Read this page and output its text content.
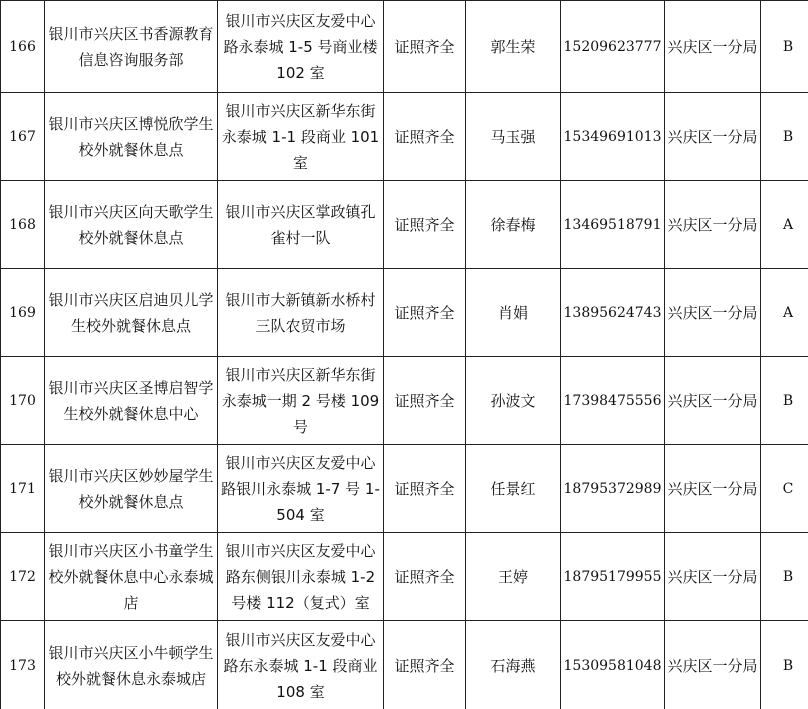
166	银川市兴庆区书香源教育信息咨询服务部	银川市兴庆区友爱中心路永泰城 1-5 号商业楼 102 室	证照齐全	郭生荣	15209623777	兴庆区一分局	B
167	银川市兴庆区博悦欣学生校外就餐休息点	银川市兴庆区新华东街永泰城 1-1 段商业 101 室	证照齐全	马玉强	15349691013	兴庆区一分局	B
168	银川市兴庆区向天歌学生校外就餐休息点	银川市兴庆区掌政镇孔雀村一队	证照齐全	徐春梅	13469518791	兴庆区一分局	A
169	银川市兴庆区启迪贝儿学生校外就餐休息点	银川市大新镇新水桥村三队农贸市场	证照齐全	肖娟	13895624743	兴庆区一分局	A
170	银川市兴庆区圣博启智学生校外就餐休息中心	银川市兴庆区新华东街永泰城一期 2 号楼 109 号	证照齐全	孙波文	17398475556	兴庆区一分局	B
171	银川市兴庆区妙妙屋学生校外就餐休息点	银川市兴庆区友爱中心路银川永泰城 1-7 号 1-504 室	证照齐全	任景红	18795372989	兴庆区一分局	C
172	银川市兴庆区小书童学生校外就餐休息中心永泰城店	银川市兴庆区友爱中心路东侧银川永泰城 1-2 号楼 112（复式）室	证照齐全	王婷	18795179955	兴庆区一分局	B
173	银川市兴庆区小牛顿学生校外就餐休息永泰城店	银川市兴庆区友爱中心路东永泰城 1-1 段商业 108 室	证照齐全	石海燕	15309581048	兴庆区一分局	B
